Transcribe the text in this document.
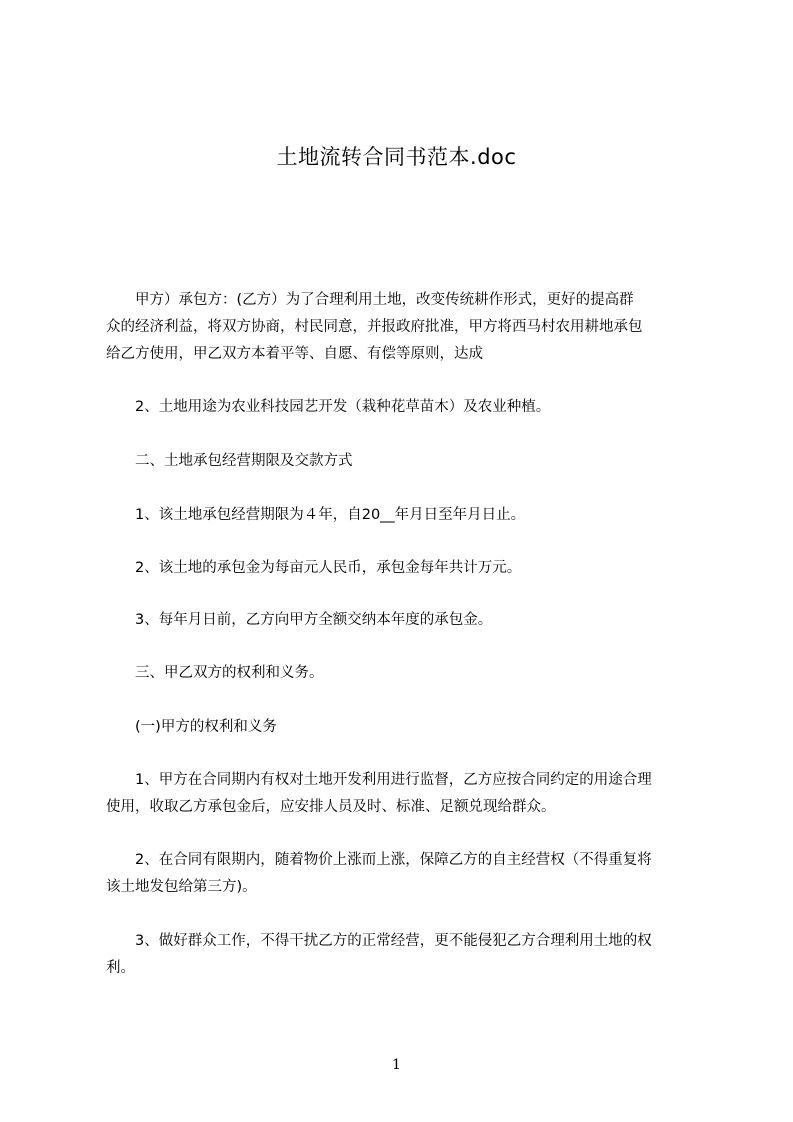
土地流转合同书范本.doc
　　甲方）承包方：(乙方）为了合理利用土地，改变传统耕作形式，更好的提高群
众的经济利益，将双方协商，村民同意，并报政府批准，甲方将西马村农用耕地承包
给乙方使用，甲乙双方本着平等、自愿、有偿等原则，达成
　　2、土地用途为农业科技园艺开发（栽种花草苗木）及农业种植。
　　二、土地承包经营期限及交款方式
　　1、该土地承包经营期限为４年，自20__年月日至年月日止。
　　2、该土地的承包金为每亩元人民币，承包金每年共计万元。
　　3、每年月日前，乙方向甲方全额交纳本年度的承包金。
　　三、甲乙双方的权利和义务。
　　(一)甲方的权利和义务
　　1、甲方在合同期内有权对土地开发利用进行监督，乙方应按合同约定的用途合理
使用，收取乙方承包金后，应安排人员及时、标准、足额兑现给群众。
　　2、在合同有限期内，随着物价上涨而上涨，保障乙方的自主经营权（不得重复将
该土地发包给第三方)。
　　3、做好群众工作，不得干扰乙方的正常经营，更不能侵犯乙方合理利用土地的权
利。
1
